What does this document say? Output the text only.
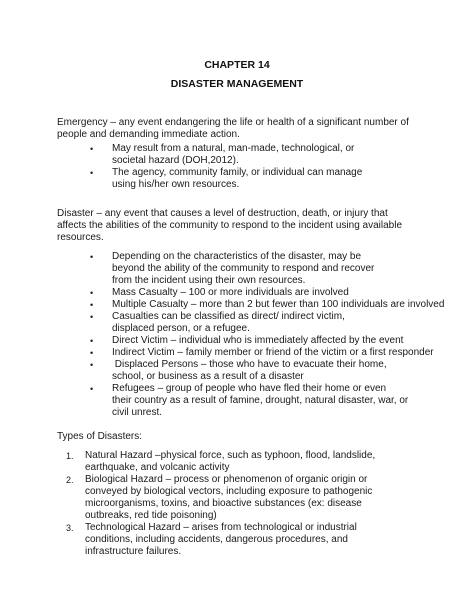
CHAPTER 14
DISASTER MANAGEMENT
Emergency – any event endangering the life or health of a significant number of
people and demanding immediate action.
• May result from a natural, man-made, technological, or
societal hazard (DOH,2012).
• The agency, community family, or individual can manage
using his/her own resources.
Disaster – any event that causes a level of destruction, death, or injury that
affects the abilities of the community to respond to the incident using available
resources.
• Depending on the characteristics of the disaster, may be
beyond the ability of the community to respond and recover
from the incident using their own resources.
• Mass Casualty – 100 or more individuals are involved
• Multiple Casualty – more than 2 but fewer than 100 individuals are involved
• Casualties can be classified as direct/ indirect victim,
displaced person, or a refugee.
• Direct Victim – individual who is immediately affected by the event
• Indirect Victim – family member or friend of the victim or a first responder
• Displaced Persons – those who have to evacuate their home,
school, or business as a result of a disaster
• Refugees – group of people who have fled their home or even
their country as a result of famine, drought, natural disaster, war, or
civil unrest.
Types of Disasters:
1. Natural Hazard –physical force, such as typhoon, flood, landslide,
earthquake, and volcanic activity
2. Biological Hazard – process or phenomenon of organic origin or
conveyed by biological vectors, including exposure to pathogenic
microorganisms, toxins, and bioactive substances (ex: disease
outbreaks, red tide poisoning)
3. Technological Hazard – arises from technological or industrial
conditions, including accidents, dangerous procedures, and
infrastructure failures.
